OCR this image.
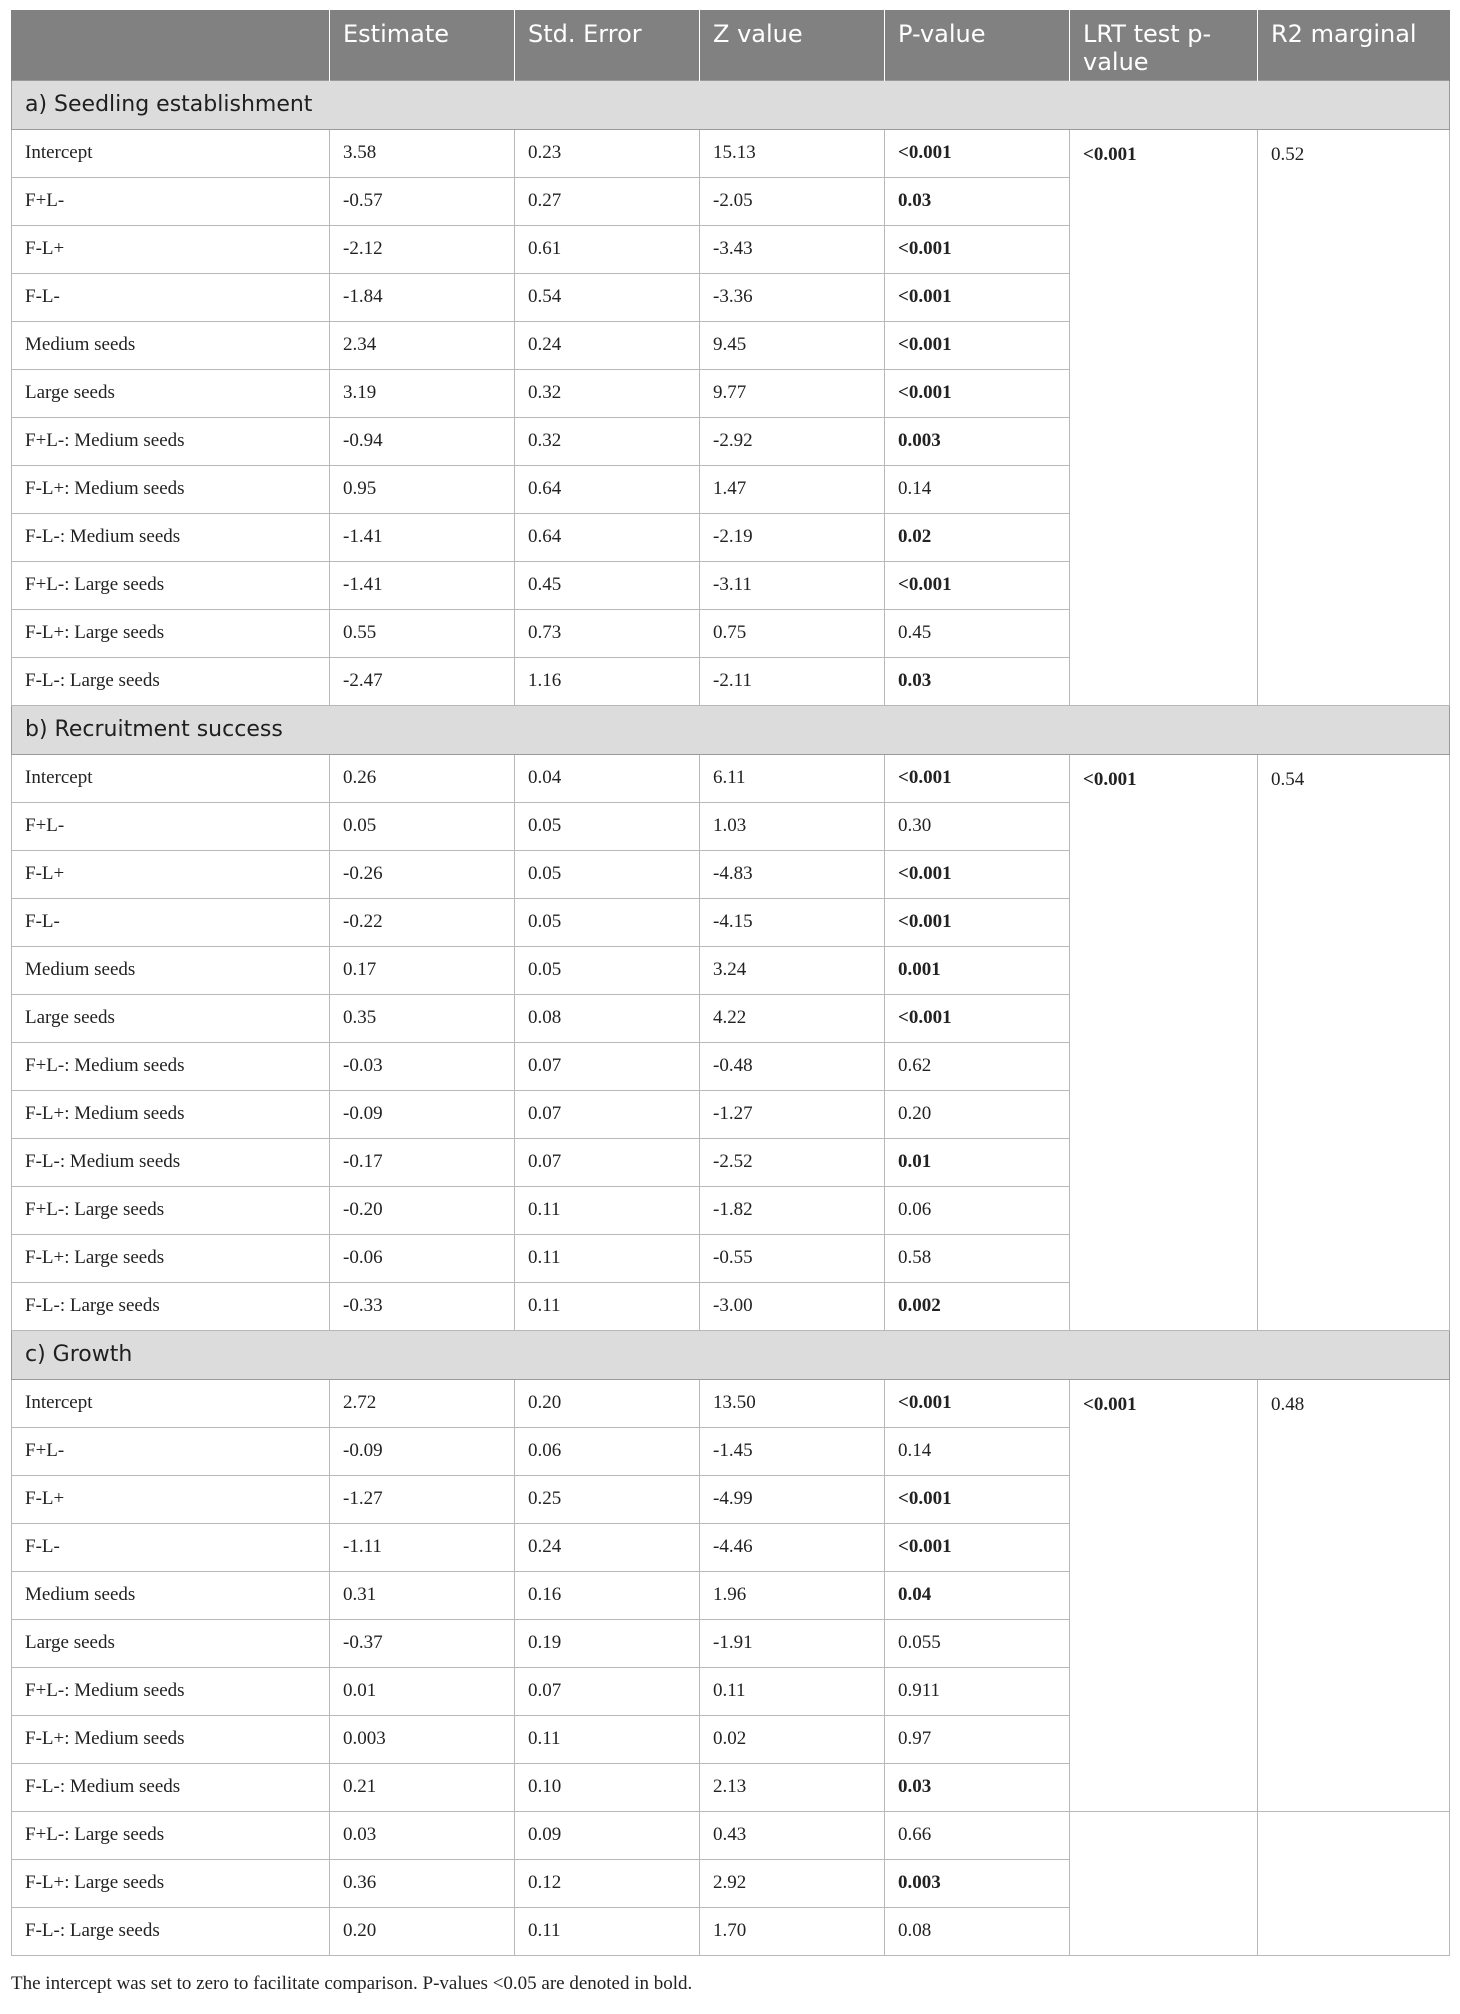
	Estimate	Std. Error	Z value	P-value	LRT test p-value	R2 marginal
a) Seedling establishment						
Intercept	3.58	0.23	15.13	<0.001	<0.001	0.52
F+L-	-0.57	0.27	-2.05	0.03		
F-L+	-2.12	0.61	-3.43	<0.001		
F-L-	-1.84	0.54	-3.36	<0.001		
Medium seeds	2.34	0.24	9.45	<0.001		
Large seeds	3.19	0.32	9.77	<0.001		
F+L-: Medium seeds	-0.94	0.32	-2.92	0.003		
F-L+: Medium seeds	0.95	0.64	1.47	0.14		
F-L-: Medium seeds	-1.41	0.64	-2.19	0.02		
F+L-: Large seeds	-1.41	0.45	-3.11	<0.001		
F-L+: Large seeds	0.55	0.73	0.75	0.45		
F-L-: Large seeds	-2.47	1.16	-2.11	0.03		
b) Recruitment success						
Intercept	0.26	0.04	6.11	<0.001	<0.001	0.54
F+L-	0.05	0.05	1.03	0.30		
F-L+	-0.26	0.05	-4.83	<0.001		
F-L-	-0.22	0.05	-4.15	<0.001		
Medium seeds	0.17	0.05	3.24	0.001		
Large seeds	0.35	0.08	4.22	<0.001		
F+L-: Medium seeds	-0.03	0.07	-0.48	0.62		
F-L+: Medium seeds	-0.09	0.07	-1.27	0.20		
F-L-: Medium seeds	-0.17	0.07	-2.52	0.01		
F+L-: Large seeds	-0.20	0.11	-1.82	0.06		
F-L+: Large seeds	-0.06	0.11	-0.55	0.58		
F-L-: Large seeds	-0.33	0.11	-3.00	0.002		
c) Growth						
Intercept	2.72	0.20	13.50	<0.001	<0.001	0.48
F+L-	-0.09	0.06	-1.45	0.14		
F-L+	-1.27	0.25	-4.99	<0.001		
F-L-	-1.11	0.24	-4.46	<0.001		
Medium seeds	0.31	0.16	1.96	0.04		
Large seeds	-0.37	0.19	-1.91	0.055		
F+L-: Medium seeds	0.01	0.07	0.11	0.911		
F-L+: Medium seeds	0.003	0.11	0.02	0.97		
F-L-: Medium seeds	0.21	0.10	2.13	0.03		
F+L-: Large seeds	0.03	0.09	0.43	0.66		
F-L+: Large seeds	0.36	0.12	2.92	0.003		
F-L-: Large seeds	0.20	0.11	1.70	0.08		
The intercept was set to zero to facilitate comparison. P-values <0.05 are denoted in bold.
